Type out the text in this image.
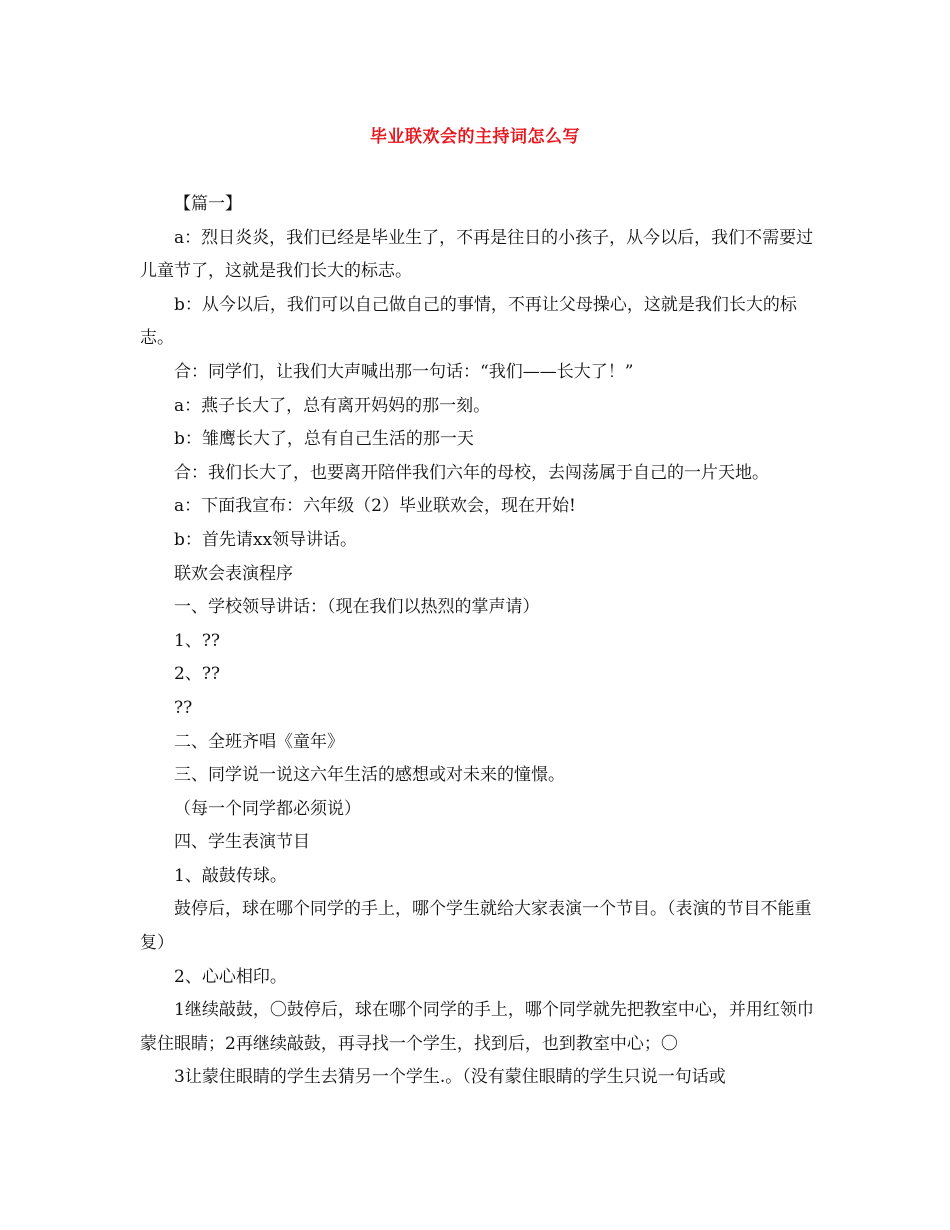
毕业联欢会的主持词怎么写

【篇一】

a：烈日炎炎，我们已经是毕业生了，不再是往日的小孩子，从今以后，我们不需要过儿童节了，这就是我们长大的标志。

b：从今以后，我们可以自己做自己的事情，不再让父母操心，这就是我们长大的标志。

合：同学们，让我们大声喊出那一句话：“我们——长大了！”

a：燕子长大了，总有离开妈妈的那一刻。

b：雏鹰长大了，总有自己生活的那一天

合：我们长大了，也要离开陪伴我们六年的母校，去闯荡属于自己的一片天地。

a：下面我宣布：六年级（2）毕业联欢会，现在开始!

b：首先请xx领导讲话。

联欢会表演程序

一、学校领导讲话：（现在我们以热烈的掌声请）

1、??

2、??

??

二、全班齐唱《童年》

三、同学说一说这六年生活的感想或对未来的憧憬。

（每一个同学都必须说）

四、学生表演节目

1、敲鼓传球。

鼓停后，球在哪个同学的手上，哪个学生就给大家表演一个节目。（表演的节目不能重复）

2、心心相印。

1继续敲鼓，〇鼓停后，球在哪个同学的手上，哪个同学就先把教室中心，并用红领巾蒙住眼睛；2再继续敲鼓，再寻找一个学生，找到后，也到教室中心；〇

3让蒙住眼睛的学生去猜另一个学生.。（没有蒙住眼睛的学生只说一句话或
